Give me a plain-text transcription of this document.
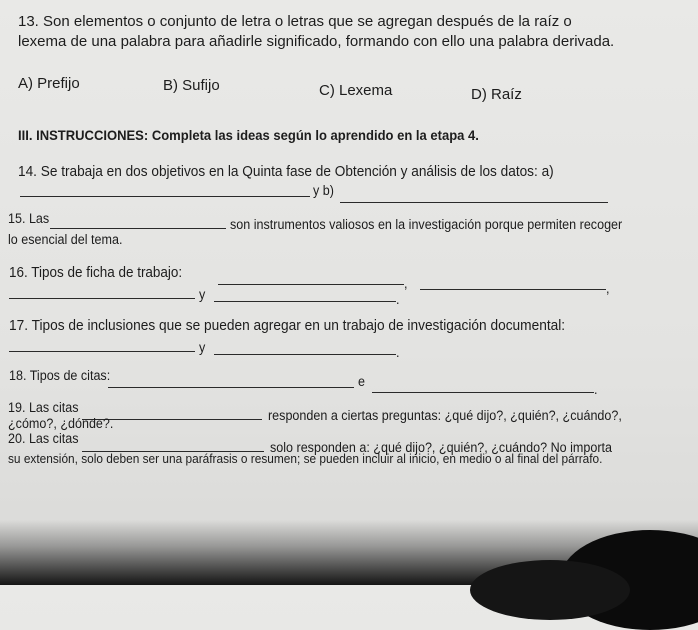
13. Son elementos o conjunto de letra o letras que se agregan después de la raíz o
lexema de una palabra para añadirle significado, formando con ello una palabra derivada.
A) Prefijo	B) Sufijo	C) Lexema	D) Raíz
III. INSTRUCCIONES: Completa las ideas según lo aprendido en la etapa 4.
14. Se trabaja en dos objetivos en la Quinta fase de Obtención y análisis de los datos: a)
y b)
15. Las	son instrumentos valiosos en la investigación porque permiten recoger
lo esencial del tema.
16. Tipos de ficha de trabajo:
,	,
y	.
17. Tipos de inclusiones que se pueden agregar en un trabajo de investigación documental:
y	.
18. Tipos de citas:	e
.
19. Las citas
responden a ciertas preguntas: ¿qué dijo?, ¿quién?, ¿cuándo?,
¿cómo?, ¿dónde?.
20. Las citas
solo responden a: ¿qué dijo?, ¿quién?, ¿cuándo? No importa
su extensión, solo deben ser una paráfrasis o resumen; se pueden incluir al inicio, en medio o al final del párrafo.
